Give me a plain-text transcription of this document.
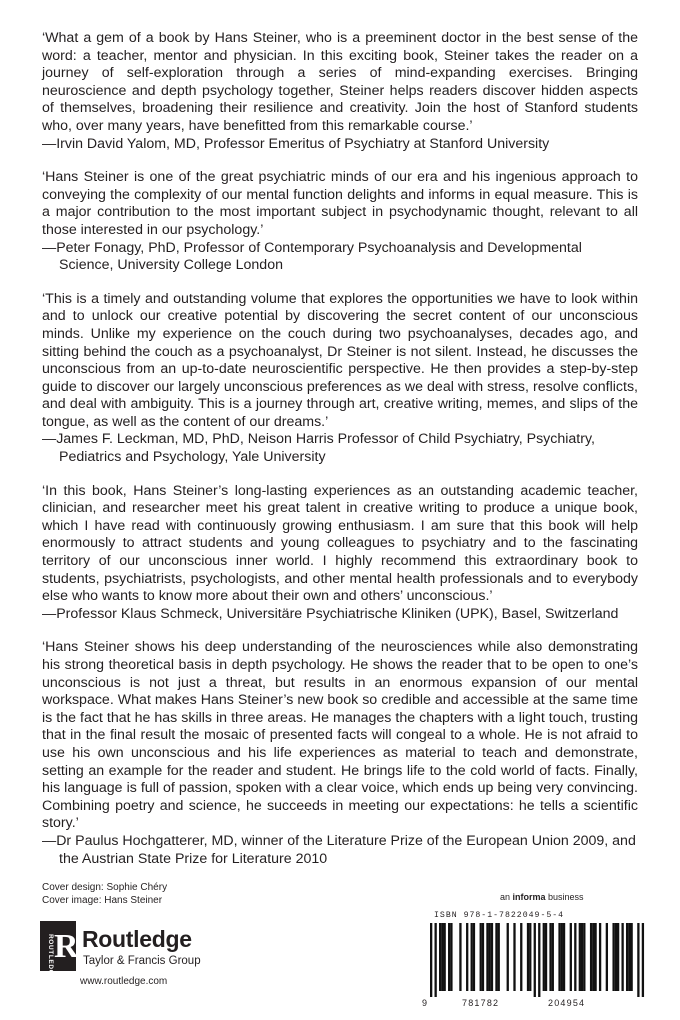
‘What a gem of a book by Hans Steiner, who is a preeminent doctor in the best sense of the word: a teacher, mentor and physician. In this exciting book, Steiner takes the reader on a journey of self-exploration through a series of mind-expanding exercises. Bringing neuroscience and depth psychology together, Steiner helps readers discover hidden aspects of themselves, broadening their resilience and creativity. Join the host of Stanford students who, over many years, have benefitted from this remarkable course.’

—Irvin David Yalom, MD, Professor Emeritus of Psychiatry at Stanford University

‘Hans Steiner is one of the great psychiatric minds of our era and his ingenious approach to conveying the complexity of our mental function delights and informs in equal measure. This is a major contribution to the most important subject in psychodynamic thought, relevant to all those interested in our psychology.’

—Peter Fonagy, PhD, Professor of Contemporary Psychoanalysis and Developmental Science, University College London

‘This is a timely and outstanding volume that explores the opportunities we have to look within and to unlock our creative potential by discovering the secret content of our unconscious minds. Unlike my experience on the couch during two psychoanalyses, decades ago, and sitting behind the couch as a psychoanalyst, Dr Steiner is not silent. Instead, he discusses the unconscious from an up-to-date neuroscientific perspective. He then provides a step-by-step guide to discover our largely unconscious preferences as we deal with stress, resolve conflicts, and deal with ambiguity. This is a journey through art, creative writing, memes, and slips of the tongue, as well as the content of our dreams.’

—James F. Leckman, MD, PhD, Neison Harris Professor of Child Psychiatry, Psychiatry, Pediatrics and Psychology, Yale University

‘In this book, Hans Steiner’s long-lasting experiences as an outstanding academic teacher, clinician, and researcher meet his great talent in creative writing to produce a unique book, which I have read with continuously growing enthusiasm. I am sure that this book will help enormously to attract students and young colleagues to psychiatry and to the fascinating territory of our unconscious inner world. I highly recommend this extraordinary book to students, psychiatrists, psychologists, and other mental health professionals and to everybody else who wants to know more about their own and others’ unconscious.’

—Professor Klaus Schmeck, Universitäre Psychiatrische Kliniken (UPK), Basel, Switzerland

‘Hans Steiner shows his deep understanding of the neurosciences while also demonstrating his strong theoretical basis in depth psychology. He shows the reader that to be open to one’s unconscious is not just a threat, but results in an enormous expansion of our mental workspace. What makes Hans Steiner’s new book so credible and accessible at the same time is the fact that he has skills in three areas. He manages the chapters with a light touch, trusting that in the final result the mosaic of presented facts will congeal to a whole. He is not afraid to use his own unconscious and his life experiences as material to teach and demonstrate, setting an example for the reader and student. He brings life to the cold world of facts. Finally, his language is full of passion, spoken with a clear voice, which ends up being very convincing. Combining poetry and science, he succeeds in meeting our expectations: he tells a scientific story.’

—Dr Paulus Hochgatterer, MD, winner of the Literature Prize of the European Union 2009, and the Austrian State Prize for Literature 2010

Cover design: Sophie Chéry
Cover image: Hans Steiner
ROUTLEDGE R Routledge
Taylor & Francis Group
www.routledge.com
an informa business
ISBN 978-1-7822049-5-4
9	781782	204954
